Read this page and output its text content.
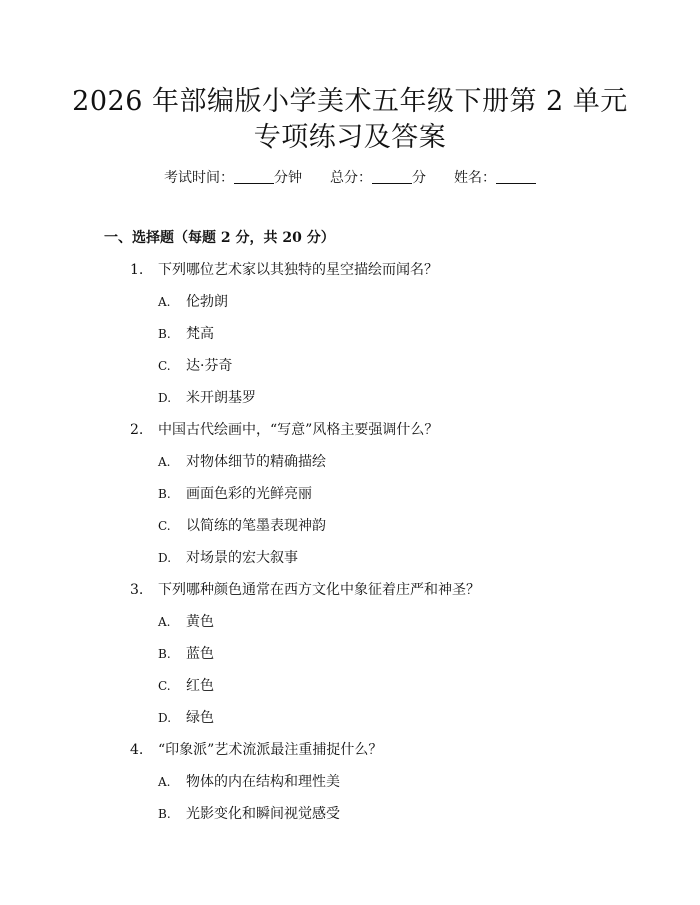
2026 年部编版小学美术五年级下册第 2 单元
专项练习及答案
考试时间：	分钟 总分：	分 姓名：
一、选择题（每题 2 分，共 20 分）
1. 下列哪位艺术家以其独特的星空描绘而闻名？
A. 伦勃朗
B. 梵高
C. 达·芬奇
D. 米开朗基罗
2. 中国古代绘画中，“写意”风格主要强调什么？
A. 对物体细节的精确描绘
B. 画面色彩的光鲜亮丽
C. 以简练的笔墨表现神韵
D. 对场景的宏大叙事
3. 下列哪种颜色通常在西方文化中象征着庄严和神圣？
A. 黄色
B. 蓝色
C. 红色
D. 绿色
4. “印象派”艺术流派最注重捕捉什么？
A. 物体的内在结构和理性美
B. 光影变化和瞬间视觉感受
